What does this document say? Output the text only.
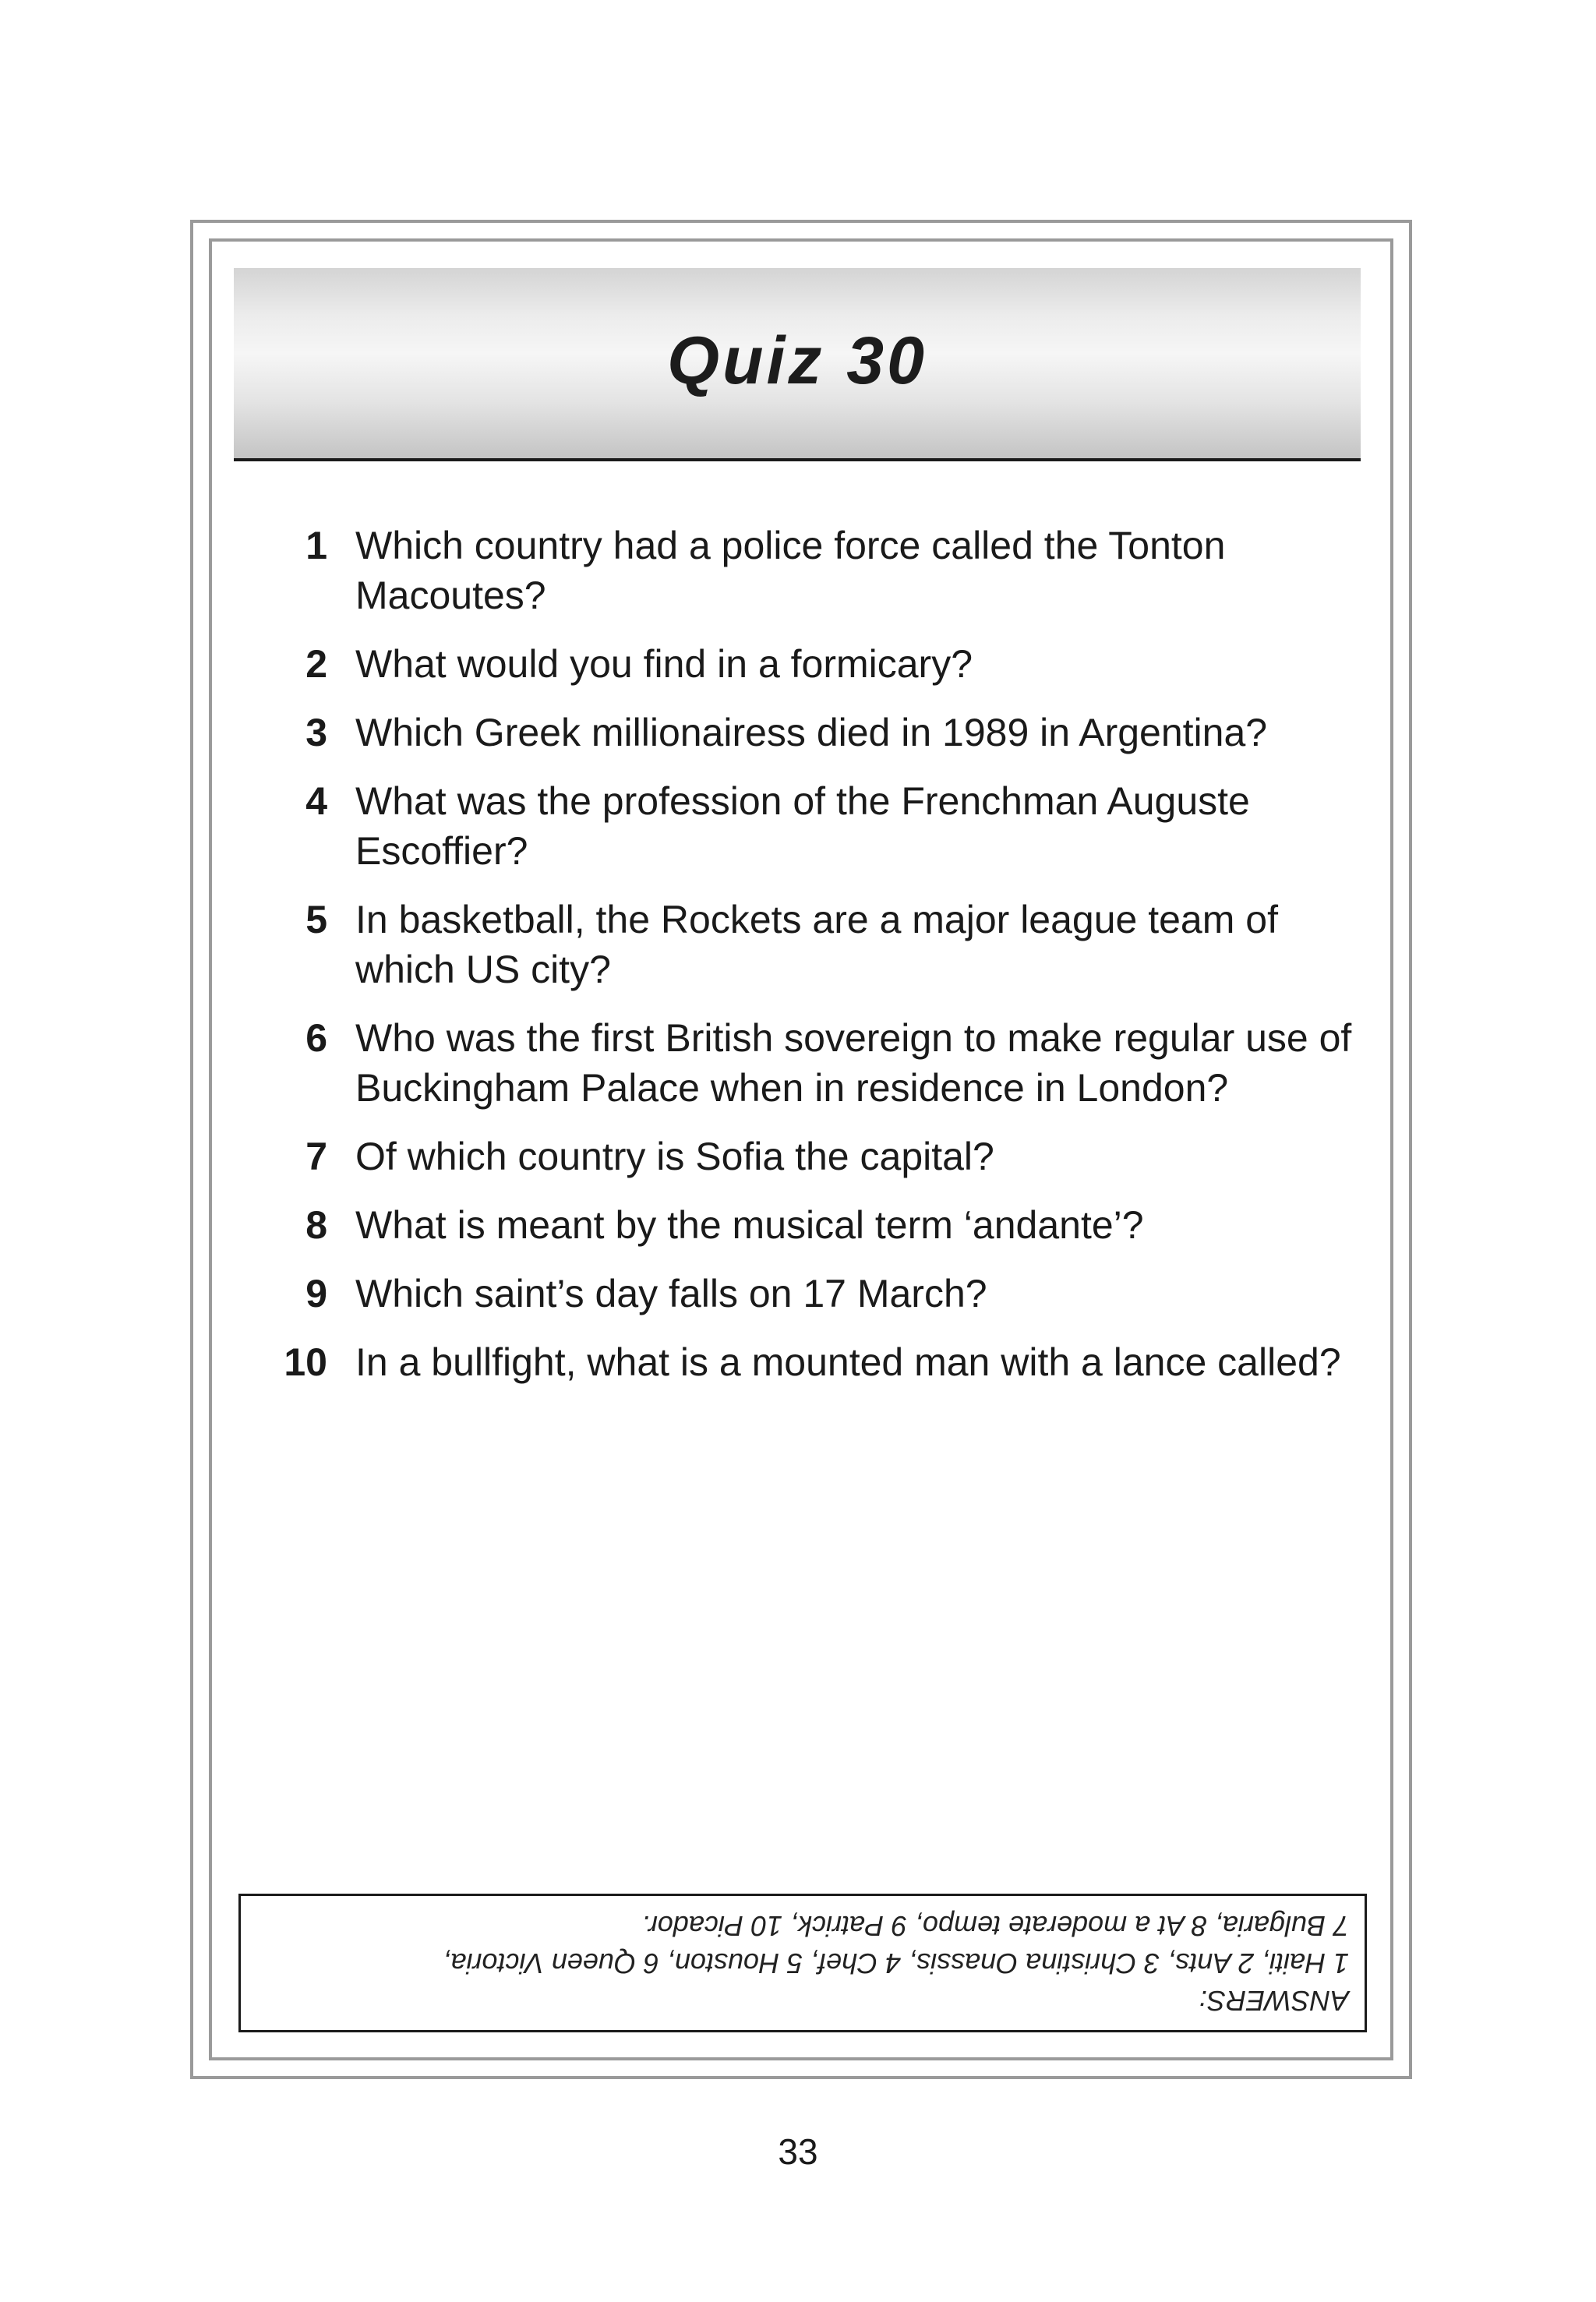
Quiz 30
1 Which country had a police force called the Tonton Macoutes?
2 What would you find in a formicary?
3 Which Greek millionairess died in 1989 in Argentina?
4 What was the profession of the Frenchman Auguste Escoffier?
5 In basketball, the Rockets are a major league team of which US city?
6 Who was the first British sovereign to make regular use of Buckingham Palace when in residence in London?
7 Of which country is Sofia the capital?
8 What is meant by the musical term ‘andante’?
9 Which saint’s day falls on 17 March?
10 In a bullfight, what is a mounted man with a lance called?
ANSWERS:
1 Haiti, 2 Ants, 3 Christina Onassis, 4 Chef, 5 Houston, 6 Queen Victoria,
7 Bulgaria, 8 At a moderate tempo, 9 Patrick, 10 Picador.
33
